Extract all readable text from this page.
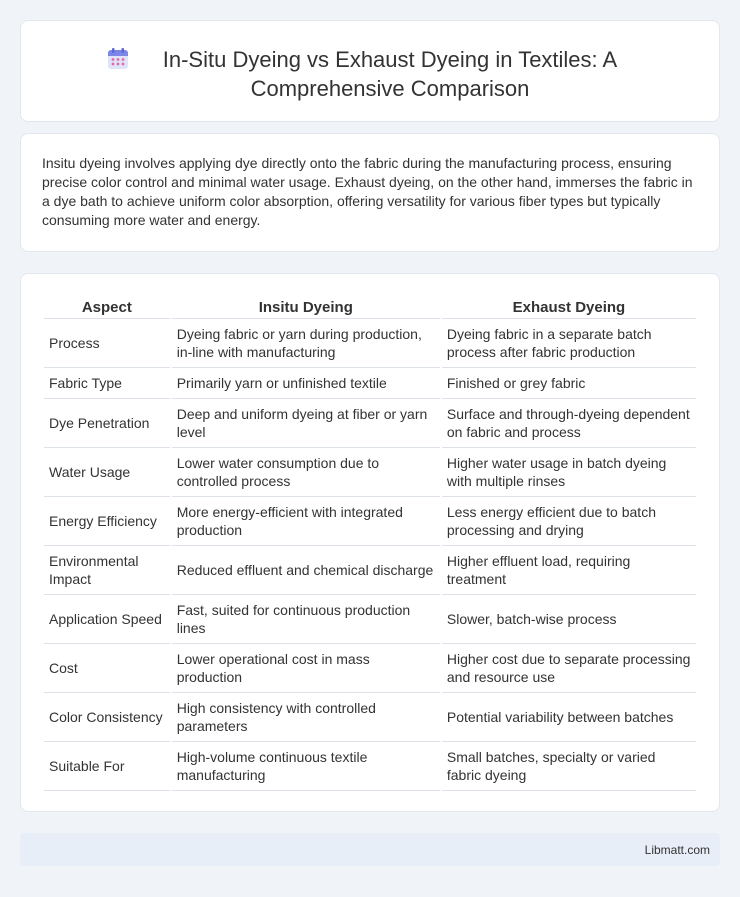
In-Situ Dyeing vs Exhaust Dyeing in Textiles: A Comprehensive Comparison

Insitu dyeing involves applying dye directly onto the fabric during the manufacturing process, ensuring precise color control and minimal water usage. Exhaust dyeing, on the other hand, immerses the fabric in a dye bath to achieve uniform color absorption, offering versatility for various fiber types but typically consuming more water and energy.

Aspect	Insitu Dyeing	Exhaust Dyeing
Process	Dyeing fabric or yarn during production, in-line with manufacturing	Dyeing fabric in a separate batch process after fabric production
Fabric Type	Primarily yarn or unfinished textile	Finished or grey fabric
Dye Penetration	Deep and uniform dyeing at fiber or yarn level	Surface and through-dyeing dependent on fabric and process
Water Usage	Lower water consumption due to controlled process	Higher water usage in batch dyeing with multiple rinses
Energy Efficiency	More energy-efficient with integrated production	Less energy efficient due to batch processing and drying
Environmental Impact	Reduced effluent and chemical discharge	Higher effluent load, requiring treatment
Application Speed	Fast, suited for continuous production lines	Slower, batch-wise process
Cost	Lower operational cost in mass production	Higher cost due to separate processing and resource use
Color Consistency	High consistency with controlled parameters	Potential variability between batches
Suitable For	High-volume continuous textile manufacturing	Small batches, specialty or varied fabric dyeing
Libmatt.com
